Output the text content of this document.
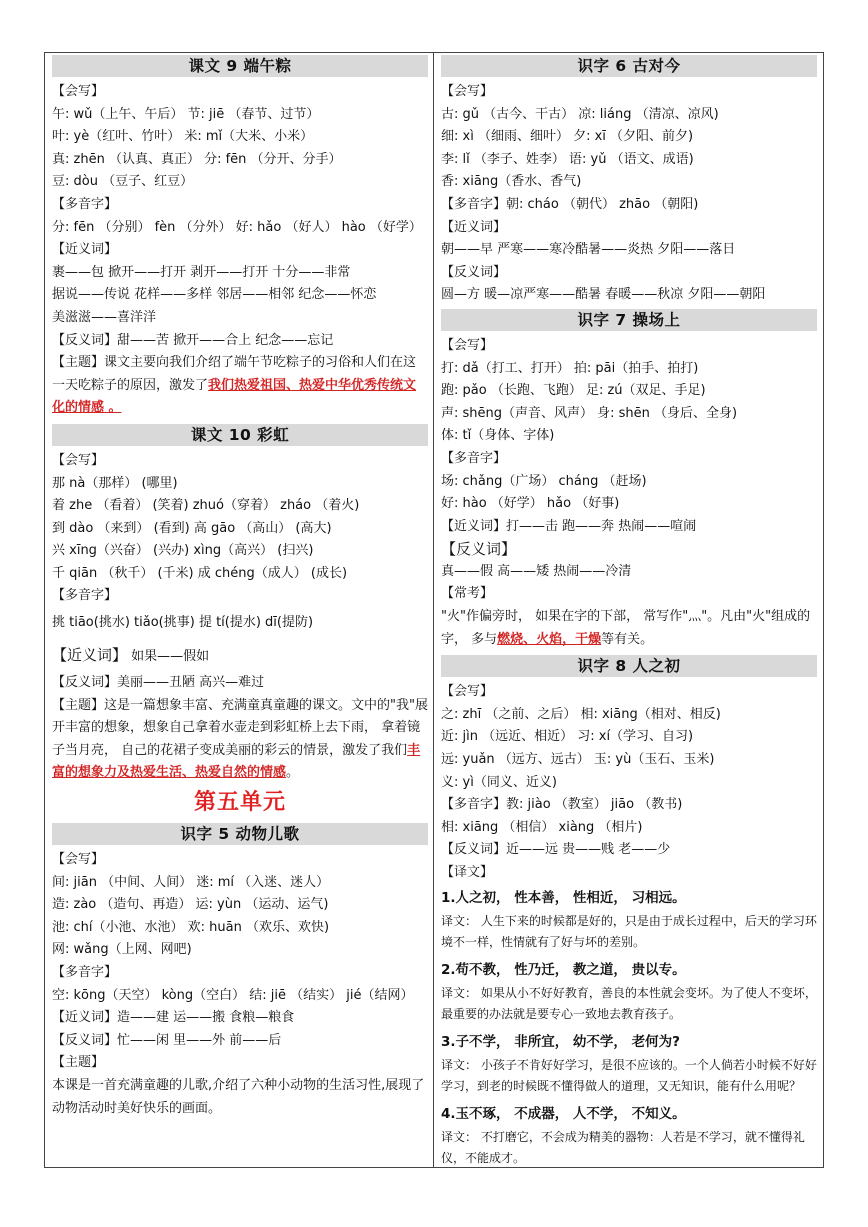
课文 9 端午粽
【会写】
午: wǔ（上午、午后） 节: jiē （春节、过节）
叶: yè（红叶、竹叶） 米: mǐ（大米、小米）
真: zhēn （认真、真正） 分: fēn （分开、分手）
豆: dòu （豆子、红豆）
【多音字】
分: fēn （分别） fèn （分外） 好: hǎo （好人） hào （好学）
【近义词】
裹——包 掀开——打开 剥开——打开 十分——非常
据说——传说 花样——多样 邻居——相邻 纪念——怀恋
美滋滋——喜洋洋
【反义词】甜——苦 掀开——合上 纪念——忘记
【主题】课文主要向我们介绍了端午节吃粽子的习俗和人们在这一天吃粽子的原因，激发了我们热爱祖国、热爱中华优秀传统文化的情感 。
课文 10 彩虹
【会写】
那 nà（那样） (哪里)
着 zhe （看着） (笑着) zhuó（穿着） zháo （着火)
到 dào （来到） (看到) 高 gāo （高山） (高大)
兴 xīng（兴奋） (兴办) xìng（高兴） (扫兴)
千 qiān （秋千） (千米) 成 chéng（成人） (成长)
【多音字】
挑 tiāo(挑水) tiǎo(挑事) 提 tí(提水) dī(提防)
【近义词】 如果——假如
【反义词】美丽——丑陋 高兴—难过
【主题】这是一篇想象丰富、充满童真童趣的课文。文中的"我"展开丰富的想象，想象自己拿着水壶走到彩虹桥上去下雨， 拿着镜子当月亮， 自己的花裙子变成美丽的彩云的情景，激发了我们丰富的想象力及热爱生活、热爱自然的情感。
第五单元
识字 5 动物儿歌
【会写】
间: jiān （中间、人间） 迷: mí （入迷、迷人）
造: zào （造句、再造） 运: yùn （运动、运气)
池: chí（小池、水池） 欢: huān （欢乐、欢快)
网: wǎng（上网、网吧)
【多音字】
空: kōng（天空） kòng（空白） 结: jiē （结实） jié（结网）
【近义词】造——建 运——搬 食粮—粮食
【反义词】忙——闲 里——外 前——后
【主题】
本课是一首充满童趣的儿歌,介绍了六种小动物的生活习性,展现了动物活动时美好快乐的画面。
识字 6 古对今
【会写】
古: gǔ （古今、干古） 凉: liáng （清凉、凉风)
细: xì （细雨、细叶） 夕: xī （夕阳、前夕)
李: lǐ （李子、姓李） 语: yǔ （语文、成语)
香: xiāng（香水、香气)
【多音字】朝: cháo （朝代） zhāo （朝阳)
【近义词】
朝——早 严寒——寒冷酷暑——炎热 夕阳——落日
【反义词】
圆—方 暖—凉严寒——酷暑 春暖——秋凉 夕阳——朝阳
识字 7 操场上
【会写】
打: dǎ（打工、打开） 拍: pāi（拍手、拍打)
跑: pǎo （长跑、飞跑） 足: zú（双足、手足)
声: shēng（声音、风声） 身: shēn （身后、全身)
体: tǐ（身体、字体)
【多音字】
场: chǎng（广场） cháng （赶场)
好: hào （好学） hǎo （好事)
【近义词】打——击 跑——奔 热闹——喧闹
【反义词】
真——假 高——矮 热闹——冷清
【常考】
"火"作偏旁时， 如果在字的下部， 常写作"灬"。凡由"火"组成的字， 多与燃烧、火焰，干燥等有关。
识字 8 人之初
【会写】
之: zhī （之前、之后） 相: xiāng（相对、相反)
近: jìn （远近、相近） 习: xí（学习、自习)
远: yuǎn （远方、远古） 玉: yù（玉石、玉米)
义: yì（同义、近义)
【多音字】教: jiào （教室） jiāo （教书)
相: xiāng （相信） xiàng （相片)
【反义词】近——远 贵——贱 老——少
【译文】
1.人之初， 性本善， 性相近， 习相远。
译文： 人生下来的时候都是好的，只是由于成长过程中，后天的学习环境不一样，性情就有了好与坏的差别。
2.苟不教， 性乃迁， 教之道， 贵以专。
译文： 如果从小不好好教育，善良的本性就会变坏。为了使人不变坏，最重要的办法就是要专心一致地去教育孩子。
3.子不学， 非所宜， 幼不学， 老何为?
译文： 小孩子不肯好好学习，是很不应该的。一个人倘若小时候不好好学习，到老的时候既不懂得做人的道理，又无知识，能有什么用呢？
4.玉不琢， 不成器， 人不学， 不知义。
译文： 不打磨它，不会成为精美的器物：人若是不学习，就不懂得礼仪，不能成才。
